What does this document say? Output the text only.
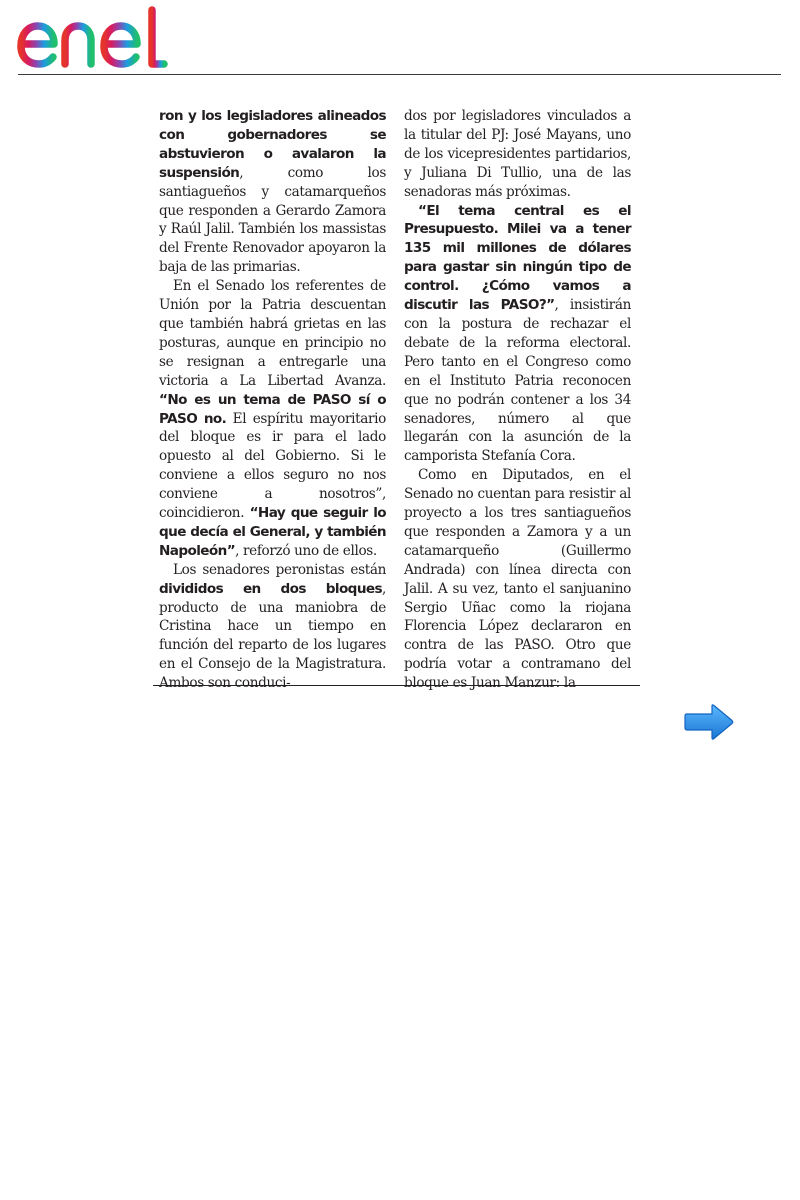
ron y los legisladores alineados con gobernadores se abstuvieron o avalaron la suspensión, como los santiagueños y catamarqueños que responden a Gerardo Zamora y Raúl Jalil. También los massistas del Frente Renovador apoyaron la baja de las primarias.

En el Senado los referentes de Unión por la Patria descuentan que también habrá grietas en las posturas, aunque en principio no se resignan a entregarle una victoria a La Libertad Avanza. “No es un tema de PASO sí o PASO no. El espíritu mayoritario del bloque es ir para el lado opuesto al del Gobierno. Si le conviene a ellos seguro no nos conviene a nosotros”, coincidieron. “Hay que seguir lo que decía el General, y también Napoleón”, reforzó uno de ellos.

Los senadores peronistas están divididos en dos bloques, producto de una maniobra de Cristina hace un tiempo en función del reparto de los lugares en el Consejo de la Magistratura. Ambos son conduci-

dos por legisladores vinculados a la titular del PJ: José Mayans, uno de los vicepresidentes partidarios, y Juliana Di Tullio, una de las senadoras más próximas.

“El tema central es el Presupuesto. Milei va a tener 135 mil millones de dólares para gastar sin ningún tipo de control. ¿Cómo vamos a discutir las PASO?”, insistirán con la postura de rechazar el debate de la reforma electoral. Pero tanto en el Congreso como en el Instituto Patria reconocen que no podrán contener a los 34 senadores, número al que llegarán con la asunción de la camporista Stefanía Cora.

Como en Diputados, en el Senado no cuentan para resistir al proyecto a los tres santiagueños que responden a Zamora y a un catamarqueño (Guillermo Andrada) con línea directa con Jalil. A su vez, tanto el sanjuanino Sergio Uñac como la riojana Florencia López declararon en contra de las PASO. Otro que podría votar a contramano del bloque es Juan Manzur: la
